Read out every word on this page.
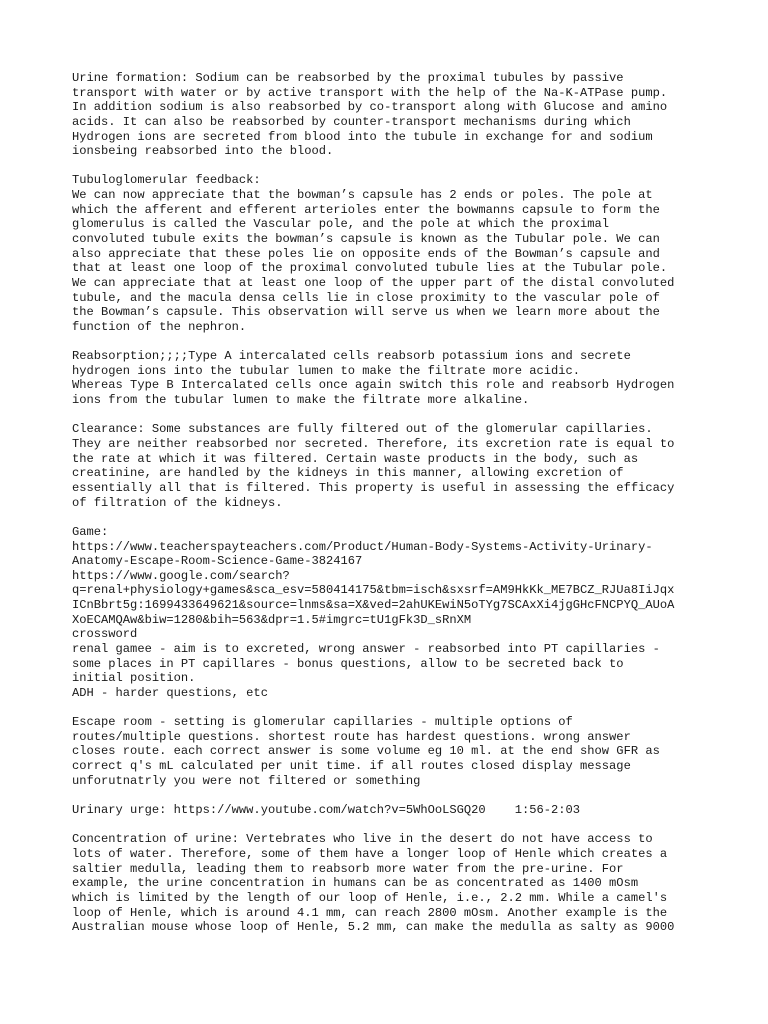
Urine formation: Sodium can be reabsorbed by the proximal tubules by passive
transport with water or by active transport with the help of the Na-K-ATPase pump.
In addition sodium is also reabsorbed by co-transport along with Glucose and amino
acids. It can also be reabsorbed by counter-transport mechanisms during which
Hydrogen ions are secreted from blood into the tubule in exchange for and sodium
ionsbeing reabsorbed into the blood.
Tubuloglomerular feedback:
We can now appreciate that the bowman’s capsule has 2 ends or poles. The pole at
which the afferent and efferent arterioles enter the bowmanns capsule to form the
glomerulus is called the Vascular pole, and the pole at which the proximal
convoluted tubule exits the bowman’s capsule is known as the Tubular pole. We can
also appreciate that these poles lie on opposite ends of the Bowman’s capsule and
that at least one loop of the proximal convoluted tubule lies at the Tubular pole.
We can appreciate that at least one loop of the upper part of the distal convoluted
tubule, and the macula densa cells lie in close proximity to the vascular pole of
the Bowman’s capsule. This observation will serve us when we learn more about the
function of the nephron.
Reabsorption;;;;Type A intercalated cells reabsorb potassium ions and secrete
hydrogen ions into the tubular lumen to make the filtrate more acidic.
Whereas Type B Intercalated cells once again switch this role and reabsorb Hydrogen
ions from the tubular lumen to make the filtrate more alkaline.
Clearance: Some substances are fully filtered out of the glomerular capillaries.
They are neither reabsorbed nor secreted. Therefore, its excretion rate is equal to
the rate at which it was filtered. Certain waste products in the body, such as
creatinine, are handled by the kidneys in this manner, allowing excretion of
essentially all that is filtered. This property is useful in assessing the efficacy
of filtration of the kidneys.
Game:
https://www.teacherspayteachers.com/Product/Human-Body-Systems-Activity-Urinary-
Anatomy-Escape-Room-Science-Game-3824167
https://www.google.com/search?
q=renal+physiology+games&sca_esv=580414175&tbm=isch&sxsrf=AM9HkKk_ME7BCZ_RJUa8IiJqx
ICnBbrt5g:1699433649621&source=lnms&sa=X&ved=2ahUKEwiN5oTYg7SCAxXi4jgGHcFNCPYQ_AUoA
XoECAMQAw&biw=1280&bih=563&dpr=1.5#imgrc=tU1gFk3D_sRnXM
crossword
renal gamee - aim is to excreted, wrong answer - reabsorbed into PT capillaries -
some places in PT capillares - bonus questions, allow to be secreted back to
initial position.
ADH - harder questions, etc
Escape room - setting is glomerular capillaries - multiple options of
routes/multiple questions. shortest route has hardest questions. wrong answer
closes route. each correct answer is some volume eg 10 ml. at the end show GFR as
correct q's mL calculated per unit time. if all routes closed display message
unforutnatrly you were not filtered or something
Urinary urge: https://www.youtube.com/watch?v=5WhOoLSGQ20    1:56-2:03
Concentration of urine: Vertebrates who live in the desert do not have access to
lots of water. Therefore, some of them have a longer loop of Henle which creates a
saltier medulla, leading them to reabsorb more water from the pre-urine. For
example, the urine concentration in humans can be as concentrated as 1400 mOsm
which is limited by the length of our loop of Henle, i.e., 2.2 mm. While a camel's
loop of Henle, which is around 4.1 mm, can reach 2800 mOsm. Another example is the
Australian mouse whose loop of Henle, 5.2 mm, can make the medulla as salty as 9000
